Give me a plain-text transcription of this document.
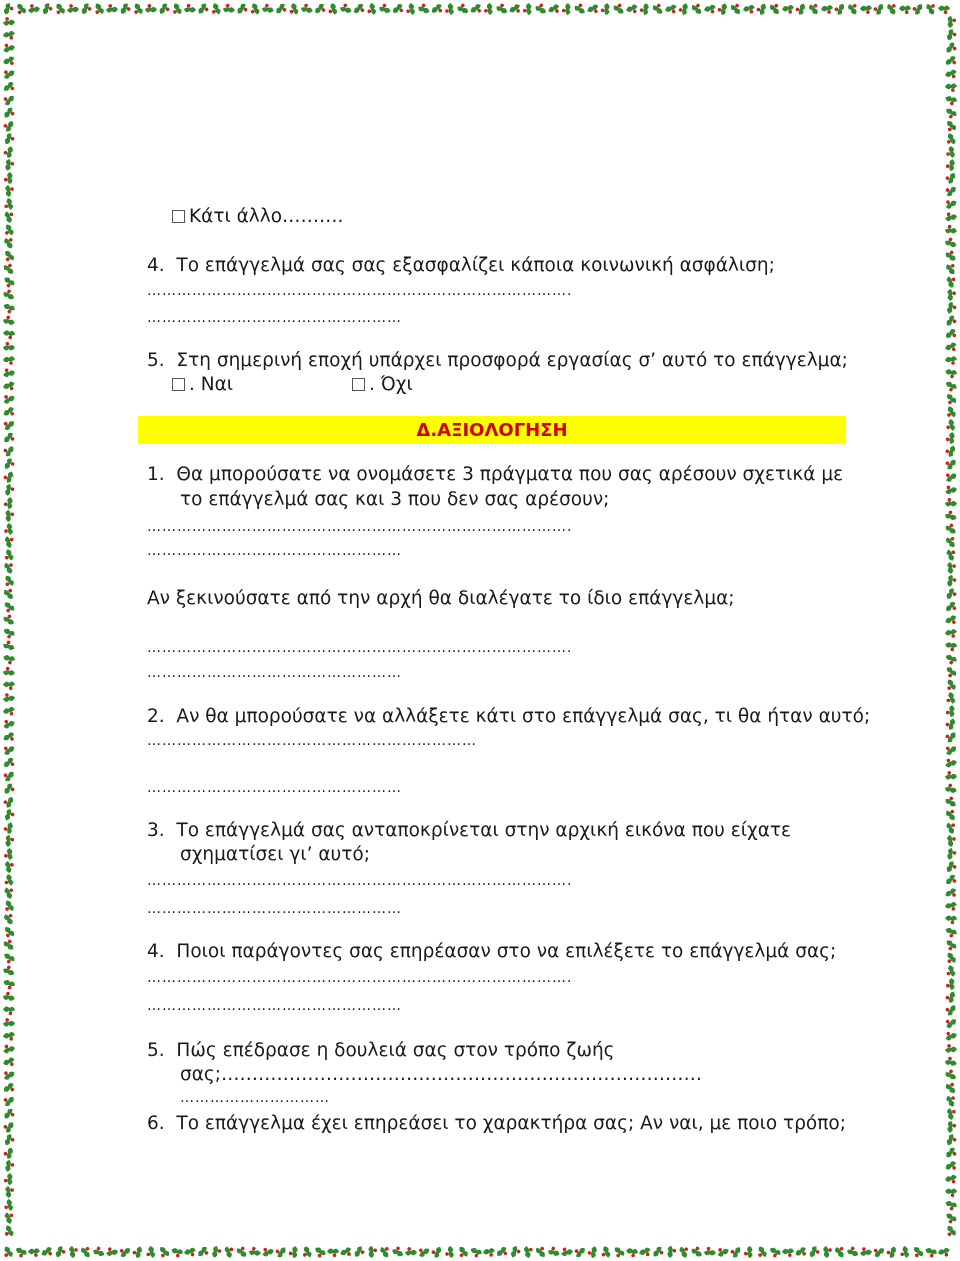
Κάτι άλλο……….
4. Το επάγγελμά σας σας εξασφαλίζει κάποια κοινωνική ασφάλιση;
………………………………………………………………………….
……………………………………………
5. Στη σημερινή εποχή υπάρχει προσφορά εργασίας σ’ αυτό το επάγγελμα;
. Ναι	. Όχι
Δ.ΑΞΙΟΛΟΓΗΣΗ
1. Θα μπορούσατε να ονομάσετε 3 πράγματα που σας αρέσουν σχετικά με
το επάγγελμά σας και 3 που δεν σας αρέσουν;
………………………………………………………………………….
……………………………………………
Αν ξεκινούσατε από την αρχή θα διαλέγατε το ίδιο επάγγελμα;
………………………………………………………………………….
……………………………………………
2. Αν θα μπορούσατε να αλλάξετε κάτι στο επάγγελμά σας, τι θα ήταν αυτό;
…………………………………………………………
……………………………………………
3. Το επάγγελμά σας ανταποκρίνεται στην αρχική εικόνα που είχατε
σχηματίσει γι’ αυτό;
………………………………………………………………………….
……………………………………………
4. Ποιοι παράγοντες σας επηρέασαν στο να επιλέξετε το επάγγελμά σας;
………………………………………………………………………….
……………………………………………
5. Πώς επέδρασε η δουλειά σας στον τρόπο ζωής
σας;……………………………………………………………………
…………………………
6. Το επάγγελμα έχει επηρεάσει το χαρακτήρα σας; Αν ναι, με ποιο τρόπο;
